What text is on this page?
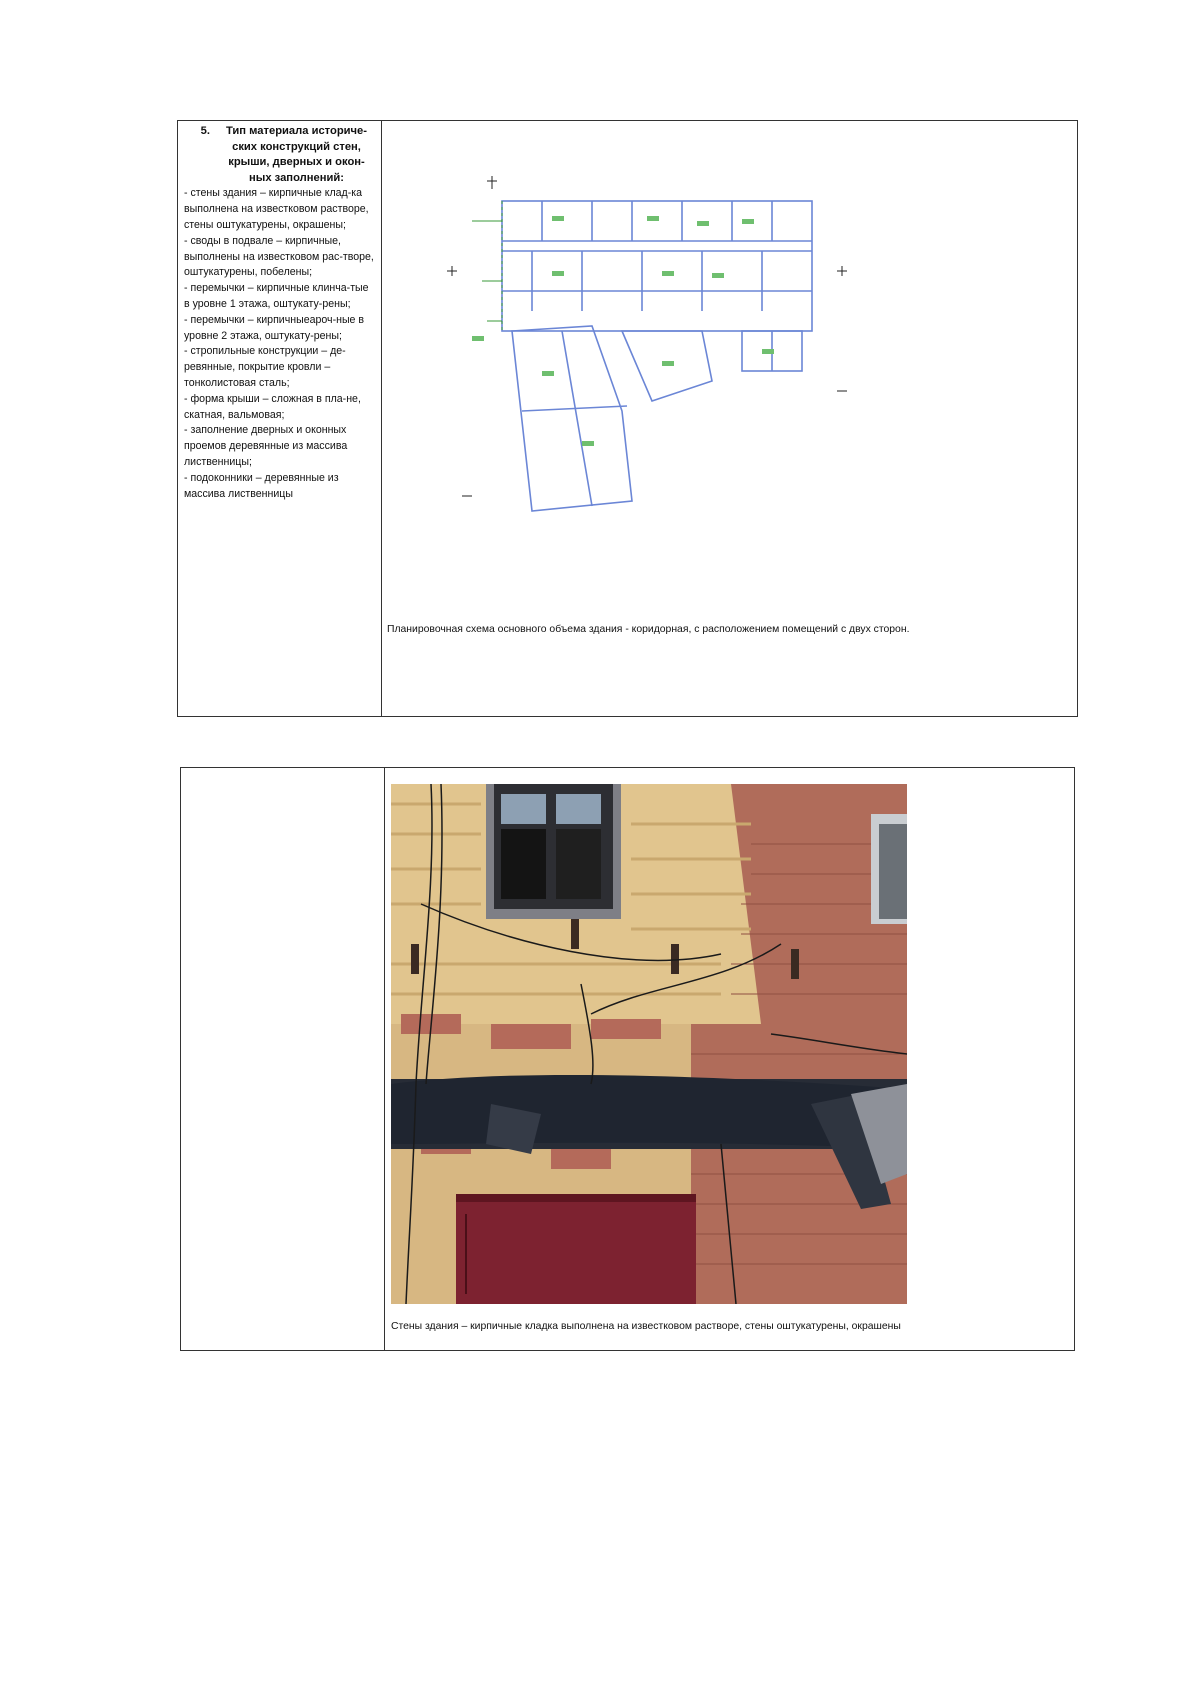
5.	Тип материала историче-ских конструкций стен, крыши, дверных и окон-ных заполнений:
- стены здания – кирпичные клад-ка выполнена на известковом растворе, стены оштукатурены, окрашены;
- своды в подвале – кирпичные, выполнены на известковом рас-творе, оштукатурены, побелены;
- перемычки – кирпичные клинча-тые в уровне 1 этажа, оштукату-рены;
- перемычки – кирпичныеароч-ные в уровне 2 этажа, оштукату-рены;
- стропильные конструкции – де-ревянные, покрытие кровли – тонколистовая сталь;
- форма крыши – сложная в пла-не, скатная, вальмовая;
- заполнение дверных и оконных проемов деревянные из массива лиственницы;
- подоконники – деревянные из массива лиственницы
Планировочная схема основного объема здания - коридорная, с расположением помещений с двух сторон.
Стены здания – кирпичные кладка выполнена на известковом растворе, стены оштукатурены, окрашены
